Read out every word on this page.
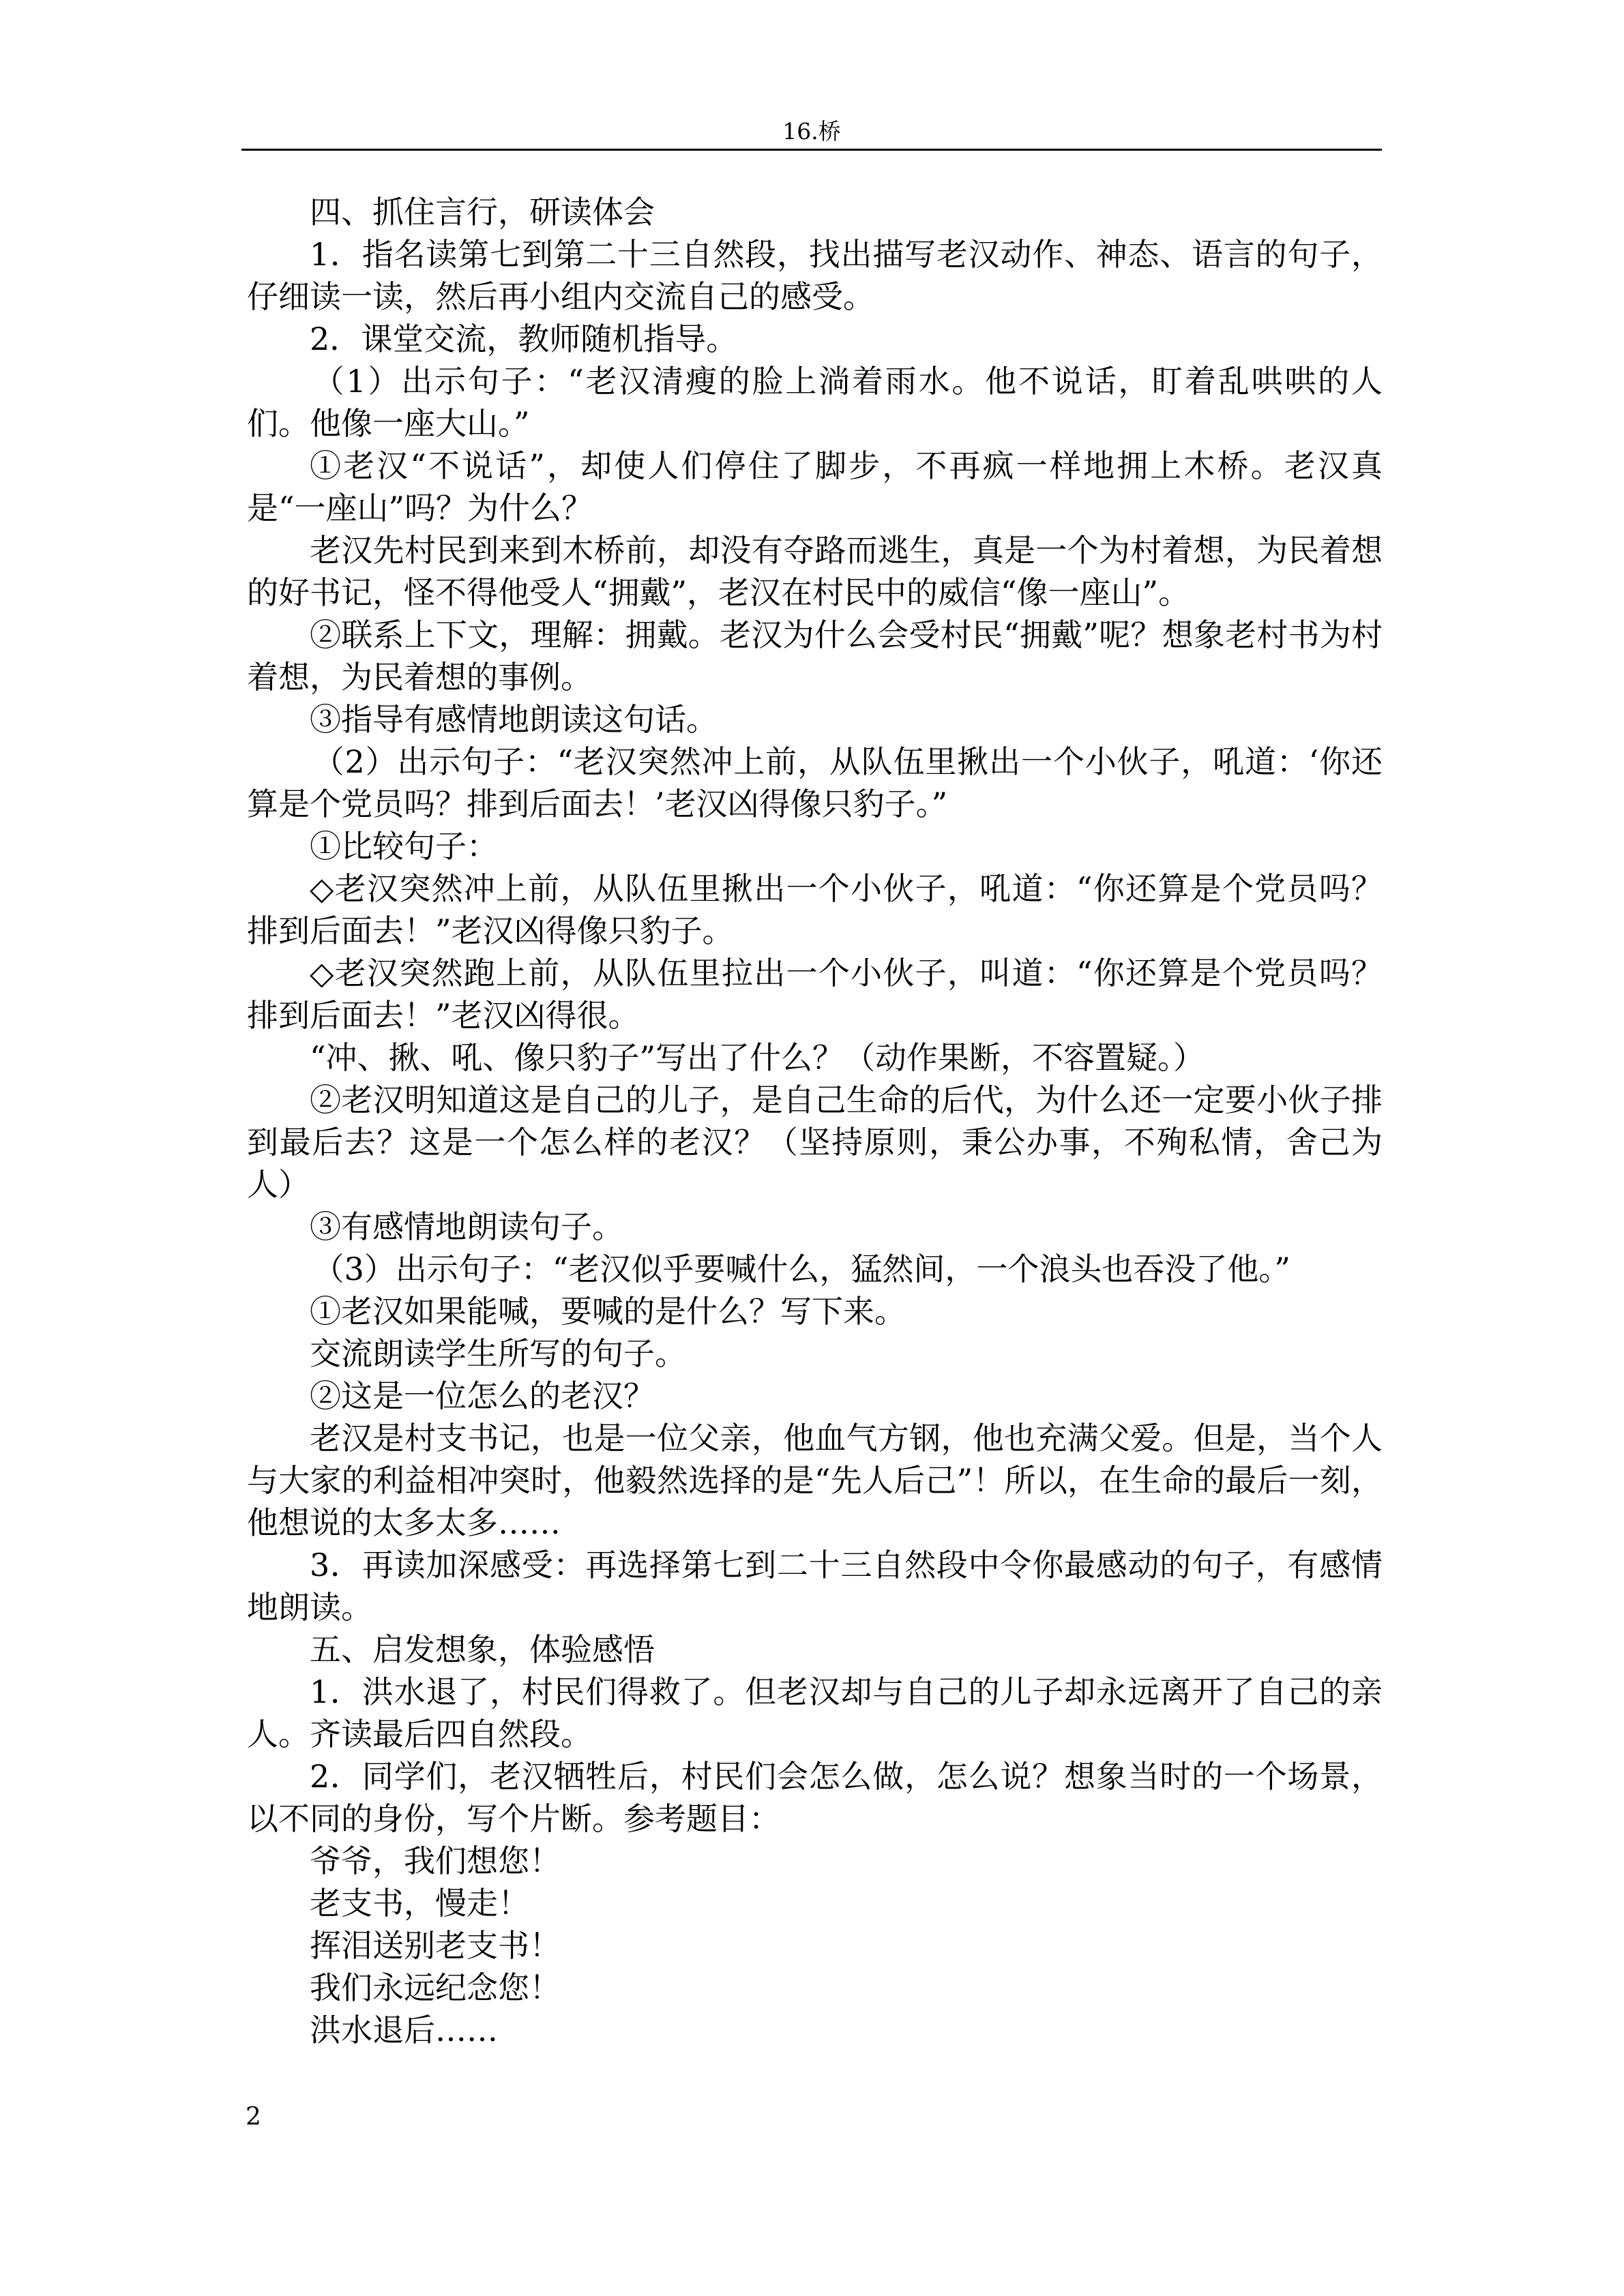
16.桥

四、抓住言行，研读体会

1．指名读第七到第二十三自然段，找出描写老汉动作、神态、语言的句子，仔细读一读，然后再小组内交流自己的感受。

2．课堂交流，教师随机指导。

（1）出示句子：“老汉清瘦的脸上淌着雨水。他不说话，盯着乱哄哄的人们。他像一座大山。”

①老汉“不说话”，却使人们停住了脚步，不再疯一样地拥上木桥。老汉真是“一座山”吗？为什么？

老汉先村民到来到木桥前，却没有夺路而逃生，真是一个为村着想，为民着想的好书记，怪不得他受人“拥戴”，老汉在村民中的威信“像一座山”。

②联系上下文，理解：拥戴。老汉为什么会受村民“拥戴”呢？想象老村书为村着想，为民着想的事例。

③指导有感情地朗读这句话。

（2）出示句子：“老汉突然冲上前，从队伍里揪出一个小伙子，吼道：‘你还算是个党员吗？排到后面去！’老汉凶得像只豹子。”

①比较句子：

◇老汉突然冲上前，从队伍里揪出一个小伙子，吼道：“你还算是个党员吗？排到后面去！”老汉凶得像只豹子。

◇老汉突然跑上前，从队伍里拉出一个小伙子，叫道：“你还算是个党员吗？排到后面去！”老汉凶得很。

“冲、揪、吼、像只豹子”写出了什么？（动作果断，不容置疑。）

②老汉明知道这是自己的儿子，是自己生命的后代，为什么还一定要小伙子排到最后去？这是一个怎么样的老汉？（坚持原则，秉公办事，不殉私情，舍己为人）

③有感情地朗读句子。

（3）出示句子：“老汉似乎要喊什么，猛然间，一个浪头也吞没了他。”

①老汉如果能喊，要喊的是什么？写下来。

交流朗读学生所写的句子。

②这是一位怎么的老汉？

老汉是村支书记，也是一位父亲，他血气方钢，他也充满父爱。但是，当个人与大家的利益相冲突时，他毅然选择的是“先人后己”！所以，在生命的最后一刻，他想说的太多太多……

3．再读加深感受：再选择第七到二十三自然段中令你最感动的句子，有感情地朗读。

五、启发想象，体验感悟

1．洪水退了，村民们得救了。但老汉却与自己的儿子却永远离开了自己的亲人。齐读最后四自然段。

2．同学们，老汉牺牲后，村民们会怎么做，怎么说？想象当时的一个场景，以不同的身份，写个片断。参考题目：

爷爷，我们想您！

老支书，慢走！

挥泪送别老支书！

我们永远纪念您！

洪水退后……

2
